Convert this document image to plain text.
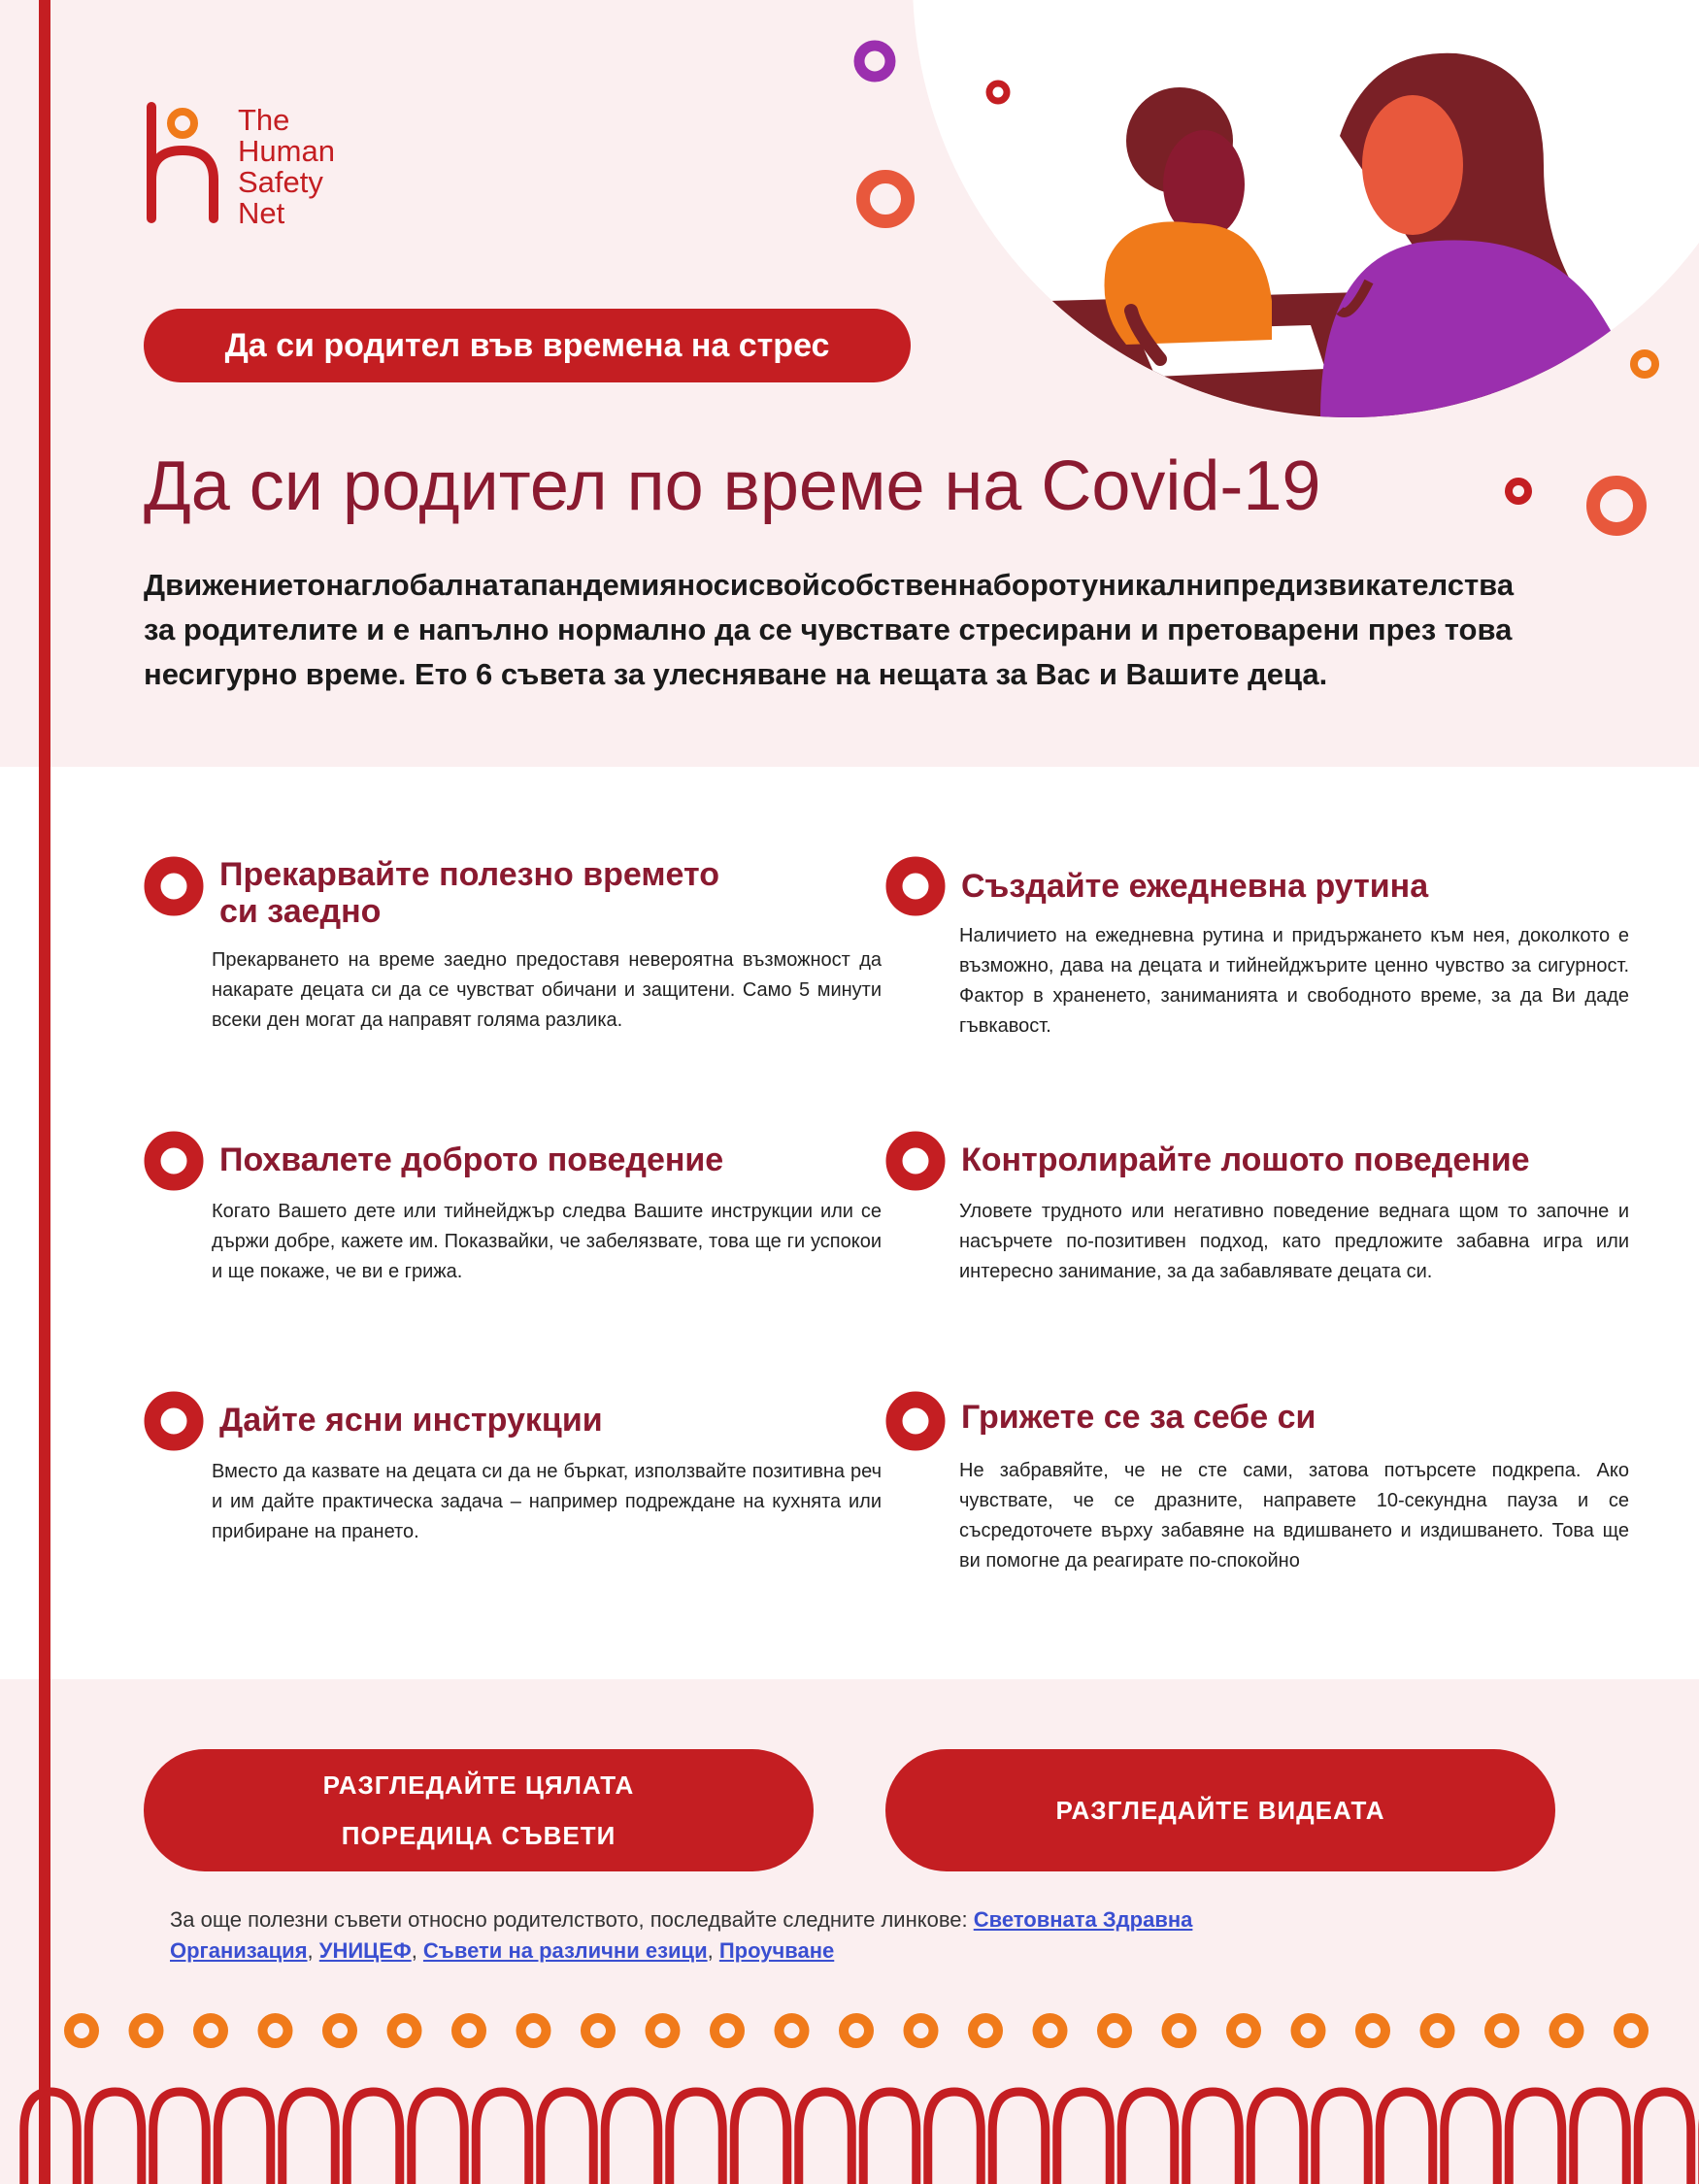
The
Human
Safety
Net
Да си родител във времена на стрес
Да си родител по време на Covid-19
Движениетонаглобалнатапандемияносисвойсобственнаборотуникалнипредизвикателства
за родителите и е напълно нормално да се чувствате стресирани и претоварени през това
несигурно време. Ето 6 съвета за улесняване на нещата за Вас и Вашите деца.
Прекарвайте полезно времето
си заедно
Прекарването на време заедно предоставя невероятна възможност да накарате децата си да се чувстват обичани и защитени. Само 5 минути всеки ден могат да направят голяма разлика.
Създайте ежедневна рутина
Наличието на ежедневна рутина и придържането към нея, доколкото е възможно, дава на децата и тийнейджърите ценно чувство за сигурност. Фактор в храненето, заниманията и свободното време, за да Ви даде гъвкавост.
Похвалете доброто поведение
Когато Вашето дете или тийнейджър следва Вашите инструкции или се държи добре, кажете им. Показвайки, че забелязвате, това ще ги успокои и ще покаже, че ви е грижа.
Контролирайте лошото поведение
Уловете трудното или негативно поведение веднага щом то започне и насърчете по-позитивен подход, като предложите забавна игра или интересно занимание, за да забавлявате децата си.
Дайте ясни инструкции
Вместо да казвате на децата си да не бъркат, използвайте позитивна реч и им дайте практическа задача – например подреждане на кухнята или прибиране на прането.
Грижете се за себе си
Не забравяйте, че не сте сами, затова потърсете подкрепа. Ако чувствате, че се дразните, направете 10-секундна пауза и се съсредоточете върху забавяне на вдишването и издишването. Това ще ви помогне да реагирате по-спокойно
РАЗГЛЕДАЙТЕ ЦЯЛАТА
ПОРЕДИЦА СЪВЕТИ
РАЗГЛЕДАЙТЕ ВИДЕАТА
За още полезни съвети относно родителството, последвайте следните линкове: Световната Здравна Организация, УНИЦЕФ, Съвети на различни езици, Проучване
